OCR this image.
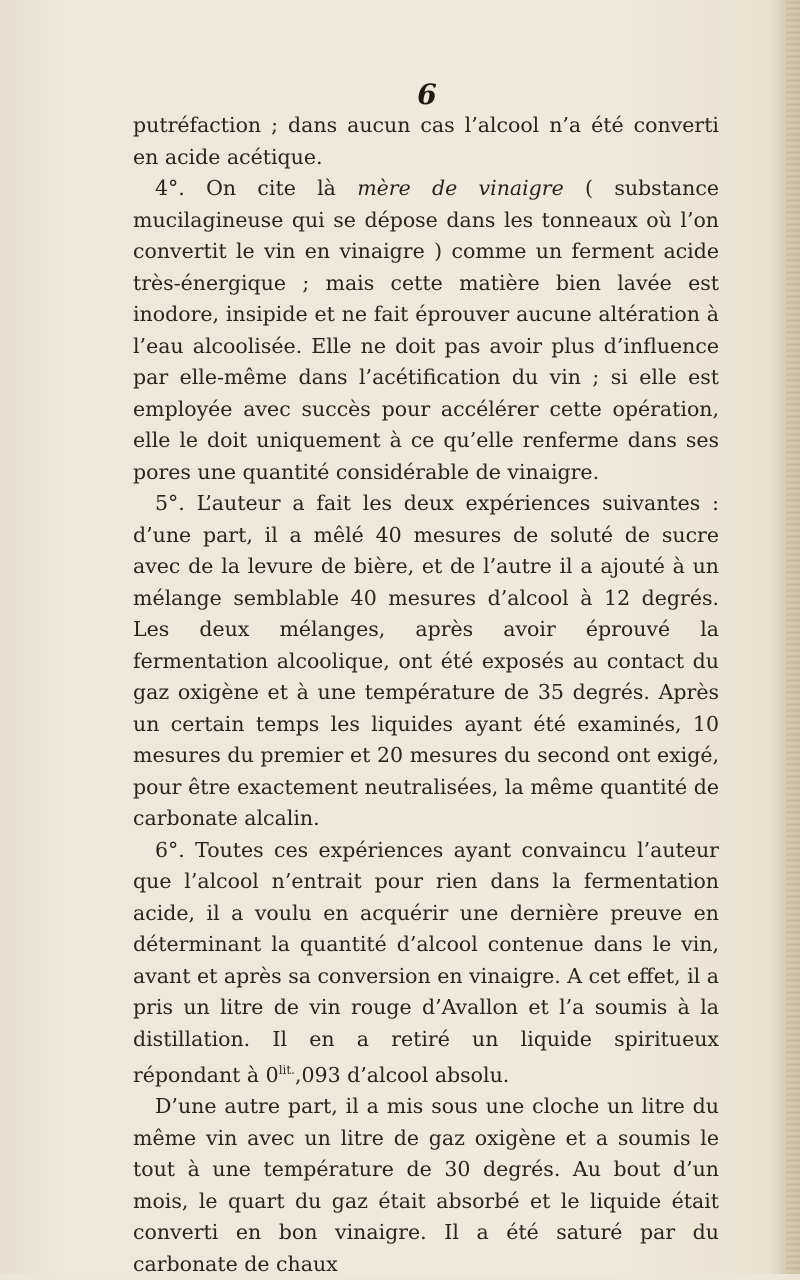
6

putréfaction ; dans aucun cas l’alcool n’a été converti en acide acétique.

4°. On cite là mère de vinaigre ( substance mucilagineuse qui se dépose dans les tonneaux où l’on convertit le vin en vinaigre ) comme un ferment acide très-énergique ; mais cette matière bien lavée est inodore, insipide et ne fait éprouver aucune altération à l’eau alcoolisée. Elle ne doit pas avoir plus d’influence par elle-même dans l’acétification du vin ; si elle est employée avec succès pour accélérer cette opération, elle le doit uniquement à ce qu’elle renferme dans ses pores une quantité considérable de vinaigre.

5°. L’auteur a fait les deux expériences suivantes : d’une part, il a mêlé 40 mesures de soluté de sucre avec de la levure de bière, et de l’autre il a ajouté à un mélange semblable 40 mesures d’alcool à 12 degrés. Les deux mélanges, après avoir éprouvé la fermentation alcoolique, ont été exposés au contact du gaz oxigène et à une température de 35 degrés. Après un certain temps les liquides ayant été examinés, 10 mesures du premier et 20 mesures du second ont exigé, pour être exactement neutralisées, la même quantité de carbonate alcalin.

6°. Toutes ces expériences ayant convaincu l’auteur que l’alcool n’entrait pour rien dans la fermentation acide, il a voulu en acquérir une dernière preuve en déterminant la quantité d’alcool contenue dans le vin, avant et après sa conversion en vinaigre. A cet effet, il a pris un litre de vin rouge d’Avallon et l’a soumis à la distillation. Il en a retiré un liquide spiritueux répondant à $0^{lit.},093$ d’alcool absolu.

D’une autre part, il a mis sous une cloche un litre du même vin avec un litre de gaz oxigène et a soumis le tout à une température de 30 degrés. Au bout d’un mois, le quart du gaz était absorbé et le liquide était converti en bon vinaigre. Il a été saturé par du carbonate de chaux
